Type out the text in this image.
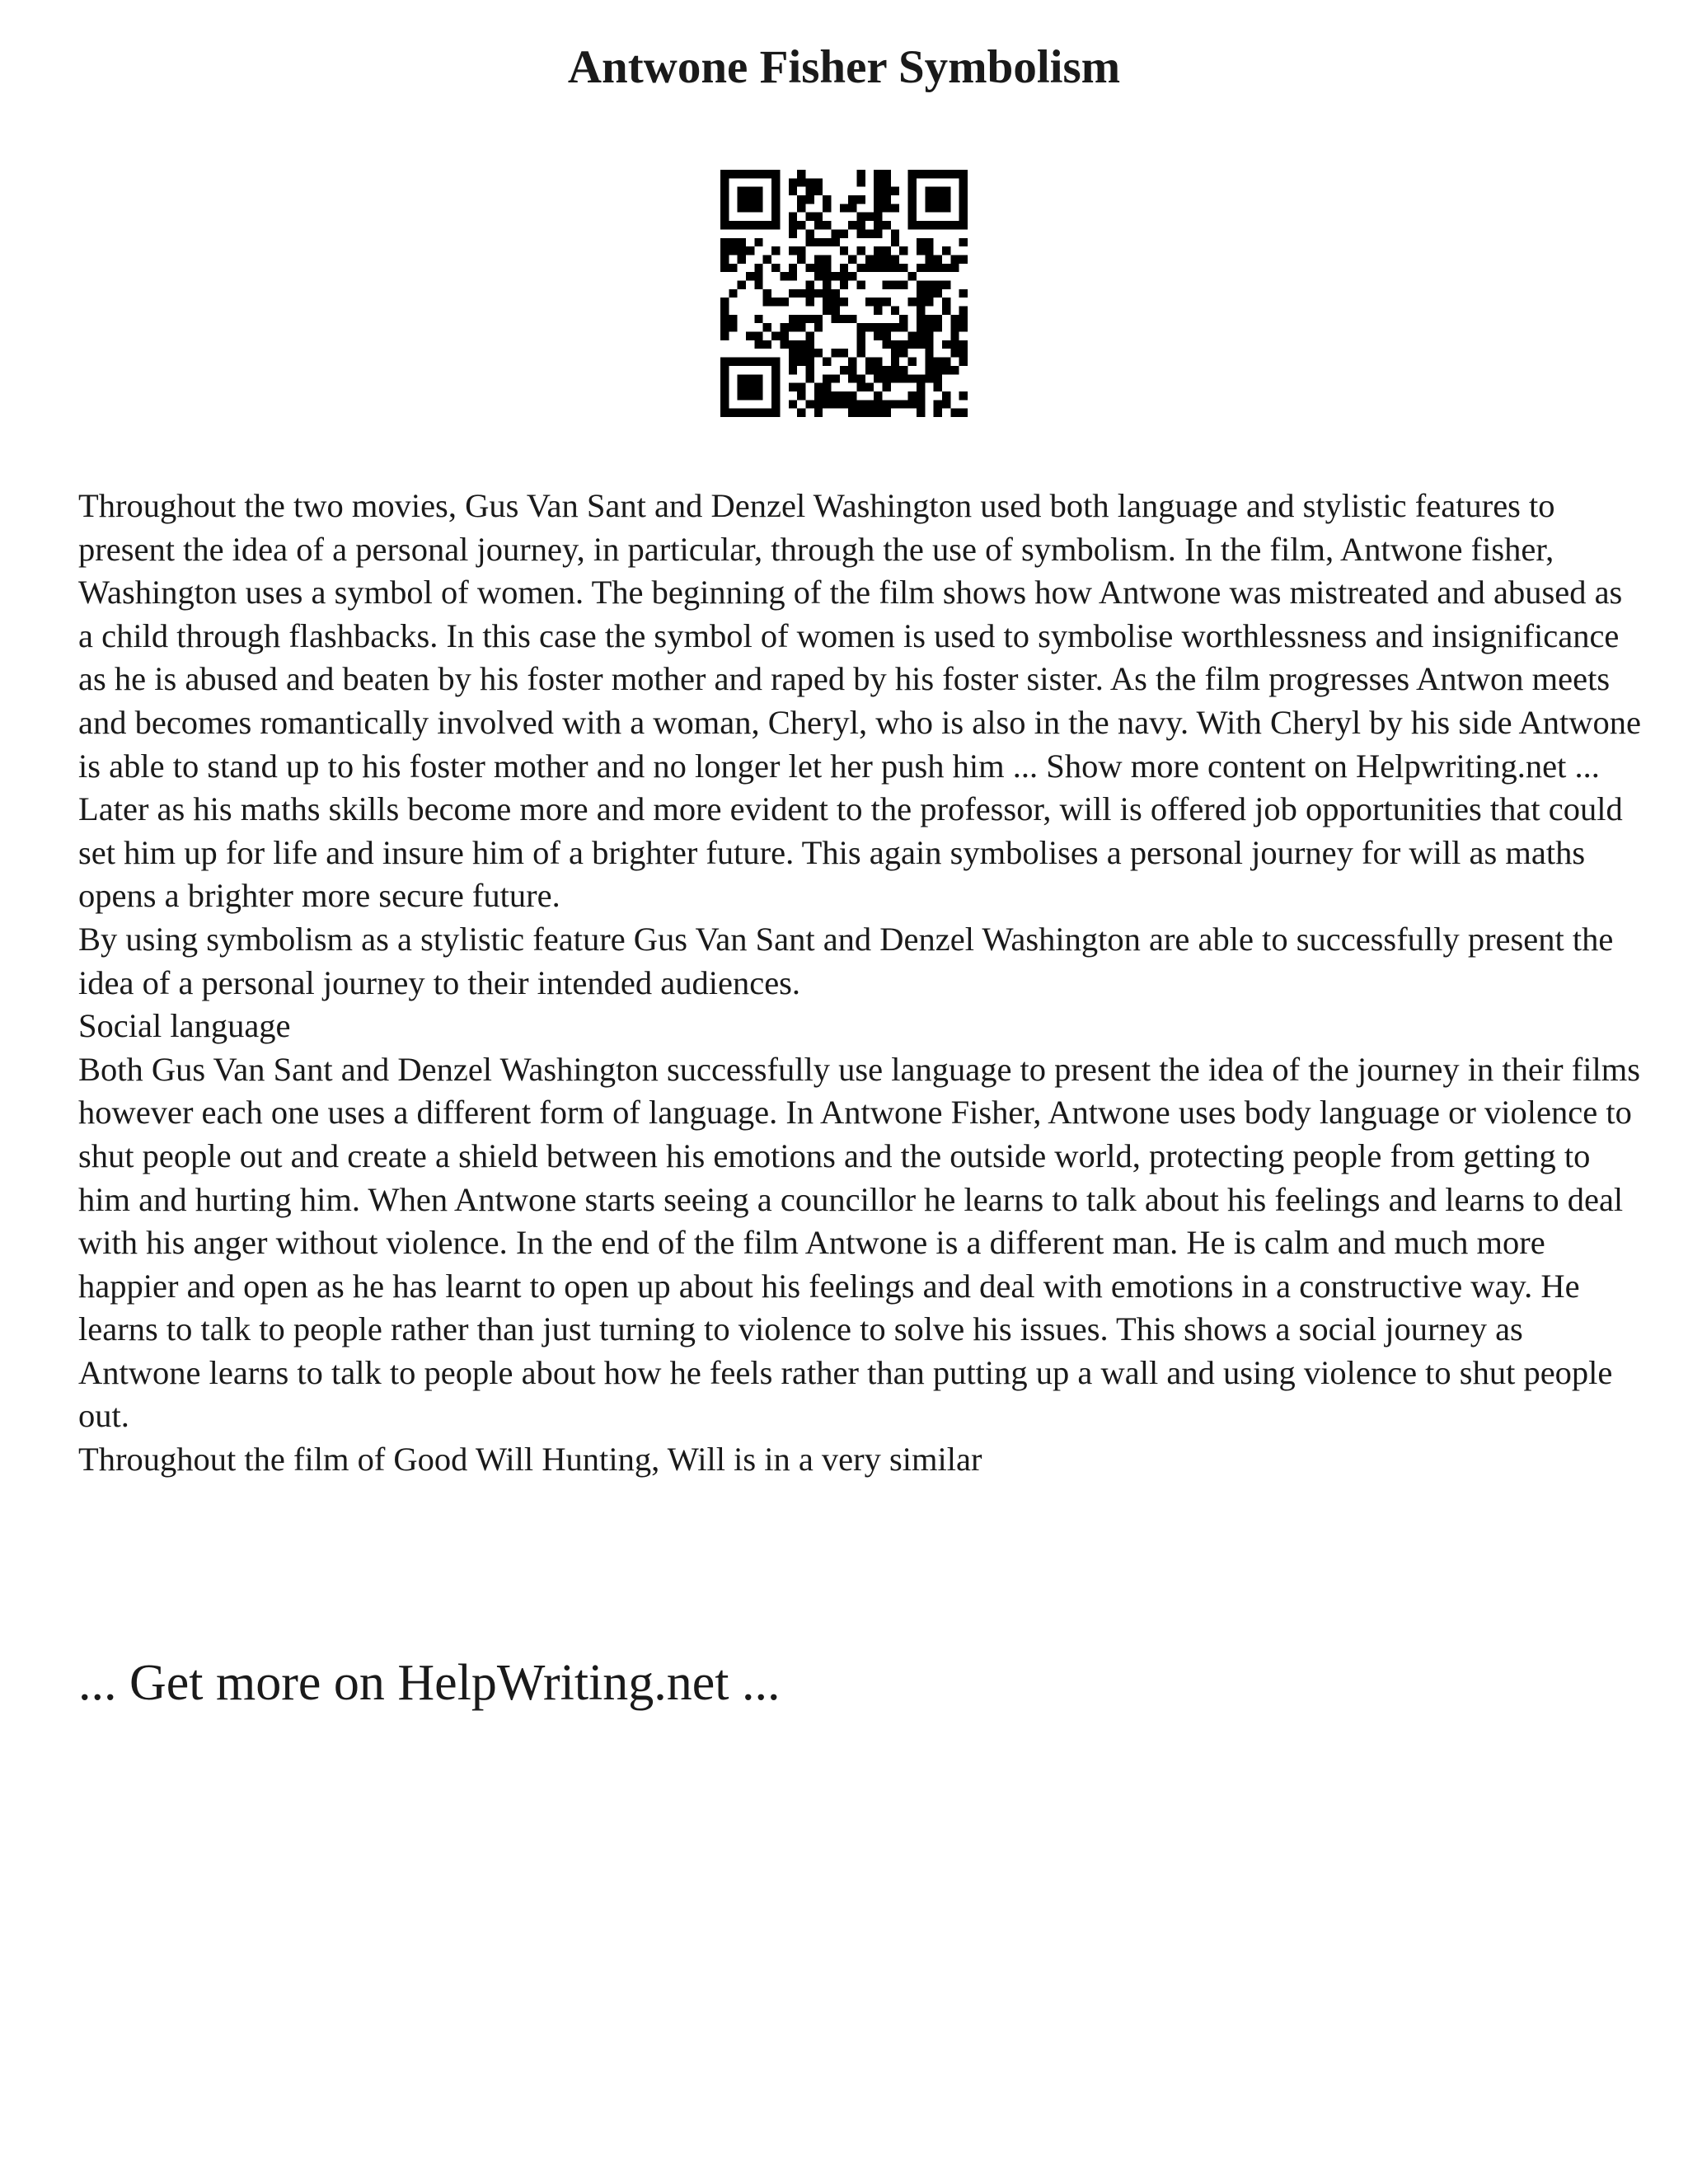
Antwone Fisher Symbolism

Throughout the two movies, Gus Van Sant and Denzel Washington used both language and stylistic features to present the idea of a personal journey, in particular, through the use of symbolism. In the film, Antwone fisher, Washington uses a symbol of women. The beginning of the film shows how Antwone was mistreated and abused as a child through flashbacks. In this case the symbol of women is used to symbolise worthlessness and insignificance as he is abused and beaten by his foster mother and raped by his foster sister. As the film progresses Antwon meets and becomes romantically involved with a woman, Cheryl, who is also in the navy. With Cheryl by his side Antwone is able to stand up to his foster mother and no longer let her push him ... Show more content on Helpwriting.net ...

Later as his maths skills become more and more evident to the professor, will is offered job opportunities that could set him up for life and insure him of a brighter future. This again symbolises a personal journey for will as maths opens a brighter more secure future.

By using symbolism as a stylistic feature Gus Van Sant and Denzel Washington are able to successfully present the idea of a personal journey to their intended audiences.

Social language

Both Gus Van Sant and Denzel Washington successfully use language to present the idea of the journey in their films however each one uses a different form of language. In Antwone Fisher, Antwone uses body language or violence to shut people out and create a shield between his emotions and the outside world, protecting people from getting to him and hurting him. When Antwone starts seeing a councillor he learns to talk about his feelings and learns to deal with his anger without violence. In the end of the film Antwone is a different man. He is calm and much more happier and open as he has learnt to open up about his feelings and deal with emotions in a constructive way. He learns to talk to people rather than just turning to violence to solve his issues. This shows a social journey as Antwone learns to talk to people about how he feels rather than putting up a wall and using violence to shut people out.

Throughout the film of Good Will Hunting, Will is in a very similar

... Get more on HelpWriting.net ...
